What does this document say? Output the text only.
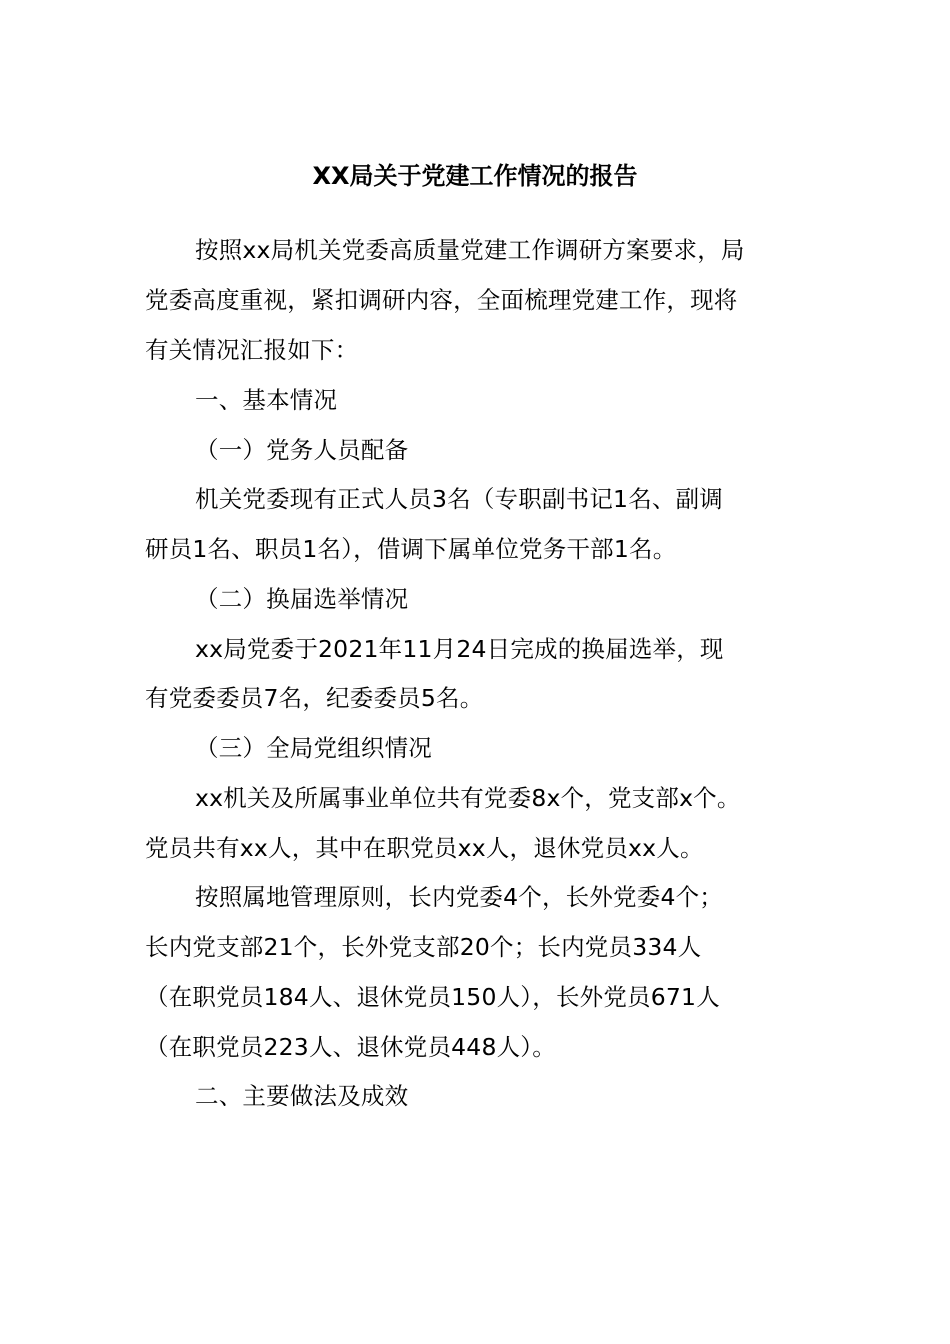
XX局关于党建工作情况的报告
按照xx局机关党委高质量党建工作调研方案要求，局
党委高度重视，紧扣调研内容，全面梳理党建工作，现将
有关情况汇报如下：
一、基本情况
（一）党务人员配备
机关党委现有正式人员3名（专职副书记1名、副调
研员1名、职员1名），借调下属单位党务干部1名。
（二）换届选举情况
xx局党委于2021年11月24日完成的换届选举，现
有党委委员7名，纪委委员5名。
（三）全局党组织情况
xx机关及所属事业单位共有党委8x个，党支部x个。
党员共有xx人，其中在职党员xx人，退休党员xx人。
按照属地管理原则，长内党委4个，长外党委4个；
长内党支部21个，长外党支部20个；长内党员334人
（在职党员184人、退休党员150人），长外党员671人
（在职党员223人、退休党员448人）。
二、主要做法及成效
